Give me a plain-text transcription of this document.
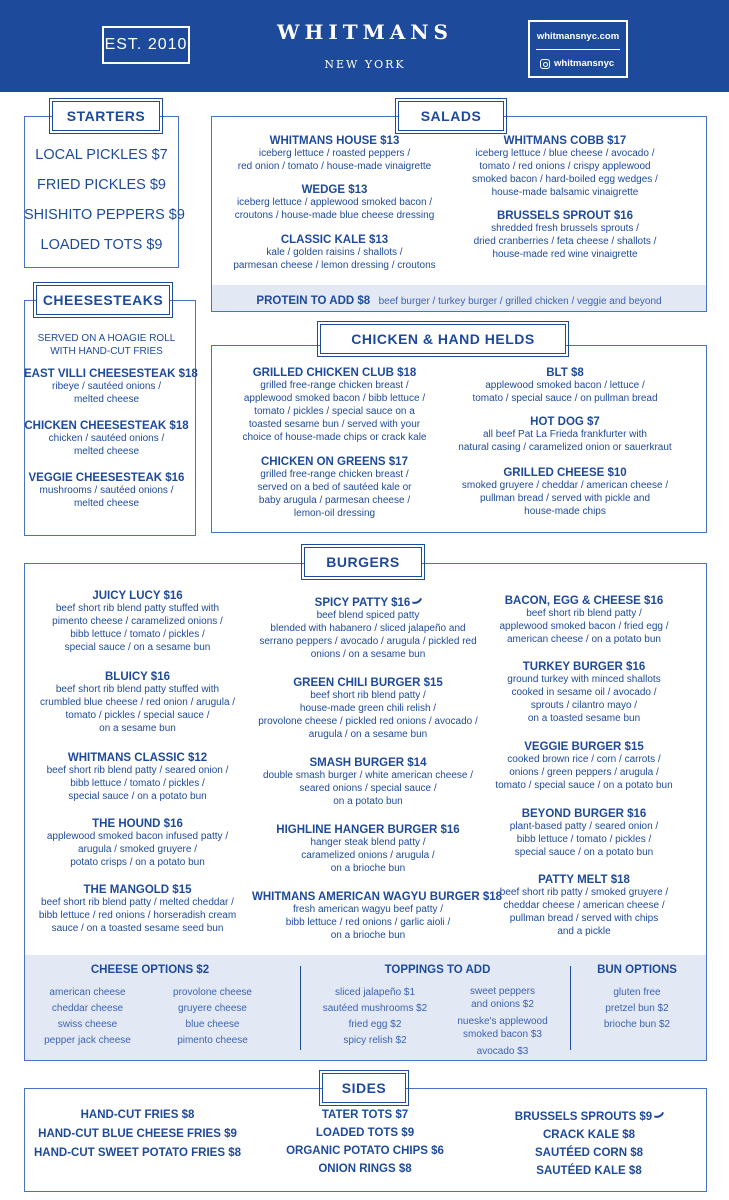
EST. 2010
WHITMANS
NEW YORK
whitmansnyc.com
whitmansnyc
STARTERS
LOCAL PICKLES $7
FRIED PICKLES $9
SHISHITO PEPPERS $9
LOADED TOTS $9
CHEESESTEAKS
SERVED ON A HOAGIE ROLL
WITH HAND-CUT FRIES
EAST VILLI CHEESESTEAK $18
ribeye / sautéed onions /
melted cheese
CHICKEN CHEESESTEAK $18
chicken / sautéed onions /
melted cheese
VEGGIE CHEESESTEAK $16
mushrooms / sautéed onions /
melted cheese
SALADS
WHITMANS HOUSE $13
iceberg lettuce / roasted peppers /
red onion / tomato / house-made vinaigrette
WEDGE $13
iceberg lettuce / applewood smoked bacon /
croutons / house-made blue cheese dressing
CLASSIC KALE $13
kale / golden raisins / shallots /
parmesan cheese / lemon dressing / croutons
WHITMANS COBB $17
iceberg lettuce / blue cheese / avocado /
tomato / red onions / crispy applewood
smoked bacon / hard-boiled egg wedges /
house-made balsamic vinaigrette
BRUSSELS SPROUT $16
shredded fresh brussels sprouts /
dried cranberries / feta cheese / shallots /
house-made red wine vinaigrette
PROTEIN TO ADD $8 beef burger / turkey burger / grilled chicken / veggie and beyond
CHICKEN & HAND HELDS
GRILLED CHICKEN CLUB $18
grilled free-range chicken breast /
applewood smoked bacon / bibb lettuce /
tomato / pickles / special sauce on a
toasted sesame bun / served with your
choice of house-made chips or crack kale
CHICKEN ON GREENS $17
grilled free-range chicken breast /
served on a bed of sautéed kale or
baby arugula / parmesan cheese /
lemon-oil dressing
BLT $8
applewood smoked bacon / lettuce /
tomato / special sauce / on pullman bread
HOT DOG $7
all beef Pat La Frieda frankfurter with
natural casing / caramelized onion or sauerkraut
GRILLED CHEESE $10
smoked gruyere / cheddar / american cheese /
pullman bread / served with pickle and
house-made chips
BURGERS
JUICY LUCY $16
beef short rib blend patty stuffed with
pimento cheese / caramelized onions /
bibb lettuce / tomato / pickles /
special sauce / on a sesame bun
BLUICY $16
beef short rib blend patty stuffed with
crumbled blue cheese / red onion / arugula /
tomato / pickles / special sauce /
on a sesame bun
WHITMANS CLASSIC $12
beef short rib blend patty / seared onion /
bibb lettuce / tomato / pickles /
special sauce / on a potato bun
THE HOUND $16
applewood smoked bacon infused patty /
arugula / smoked gruyere /
potato crisps / on a potato bun
THE MANGOLD $15
beef short rib blend patty / melted cheddar /
bibb lettuce / red onions / horseradish cream
sauce / on a toasted sesame seed bun
SPICY PATTY $16
beef blend spiced patty
blended with habanero / sliced jalapeño and
serrano peppers / avocado / arugula / pickled red
onions / on a sesame bun
GREEN CHILI BURGER $15
beef short rib blend patty /
house-made green chili relish /
provolone cheese / pickled red onions / avocado /
arugula / on a sesame bun
SMASH BURGER $14
double smash burger / white american cheese /
seared onions / special sauce /
on a potato bun
HIGHLINE HANGER BURGER $16
hanger steak blend patty /
caramelized onions / arugula /
on a brioche bun
WHITMANS AMERICAN WAGYU BURGER $18
fresh american wagyu beef patty /
bibb lettuce / red onions / garlic aioli /
on a brioche bun
BACON, EGG & CHEESE $16
beef short rib blend patty /
applewood smoked bacon / fried egg /
american cheese / on a potato bun
TURKEY BURGER $16
ground turkey with minced shallots
cooked in sesame oil / avocado /
sprouts / cilantro mayo /
on a toasted sesame bun
VEGGIE BURGER $15
cooked brown rice / corn / carrots /
onions / green peppers / arugula /
tomato / special sauce / on a potato bun
BEYOND BURGER $16
plant-based patty / seared onion /
bibb lettuce / tomato / pickles /
special sauce / on a potato bun
PATTY MELT $18
beef short rib patty / smoked gruyere /
cheddar cheese / american cheese /
pullman bread / served with chips
and a pickle
CHEESE OPTIONS $2
american cheese
cheddar cheese
swiss cheese
pepper jack cheese
provolone cheese
gruyere cheese
blue cheese
pimento cheese
TOPPINGS TO ADD
sliced jalapeño $1
sautéed mushrooms $2
fried egg $2
spicy relish $2
sweet peppers
and onions $2
nueske's applewood
smoked bacon $3
avocado $3
BUN OPTIONS
gluten free
pretzel bun $2
brioche bun $2
SIDES
HAND-CUT FRIES $8
HAND-CUT BLUE CHEESE FRIES $9
HAND-CUT SWEET POTATO FRIES $8
TATER TOTS $7
LOADED TOTS $9
ORGANIC POTATO CHIPS $6
ONION RINGS $8
BRUSSELS SPROUTS $9
CRACK KALE $8
SAUTÉED CORN $8
SAUTÉED KALE $8
